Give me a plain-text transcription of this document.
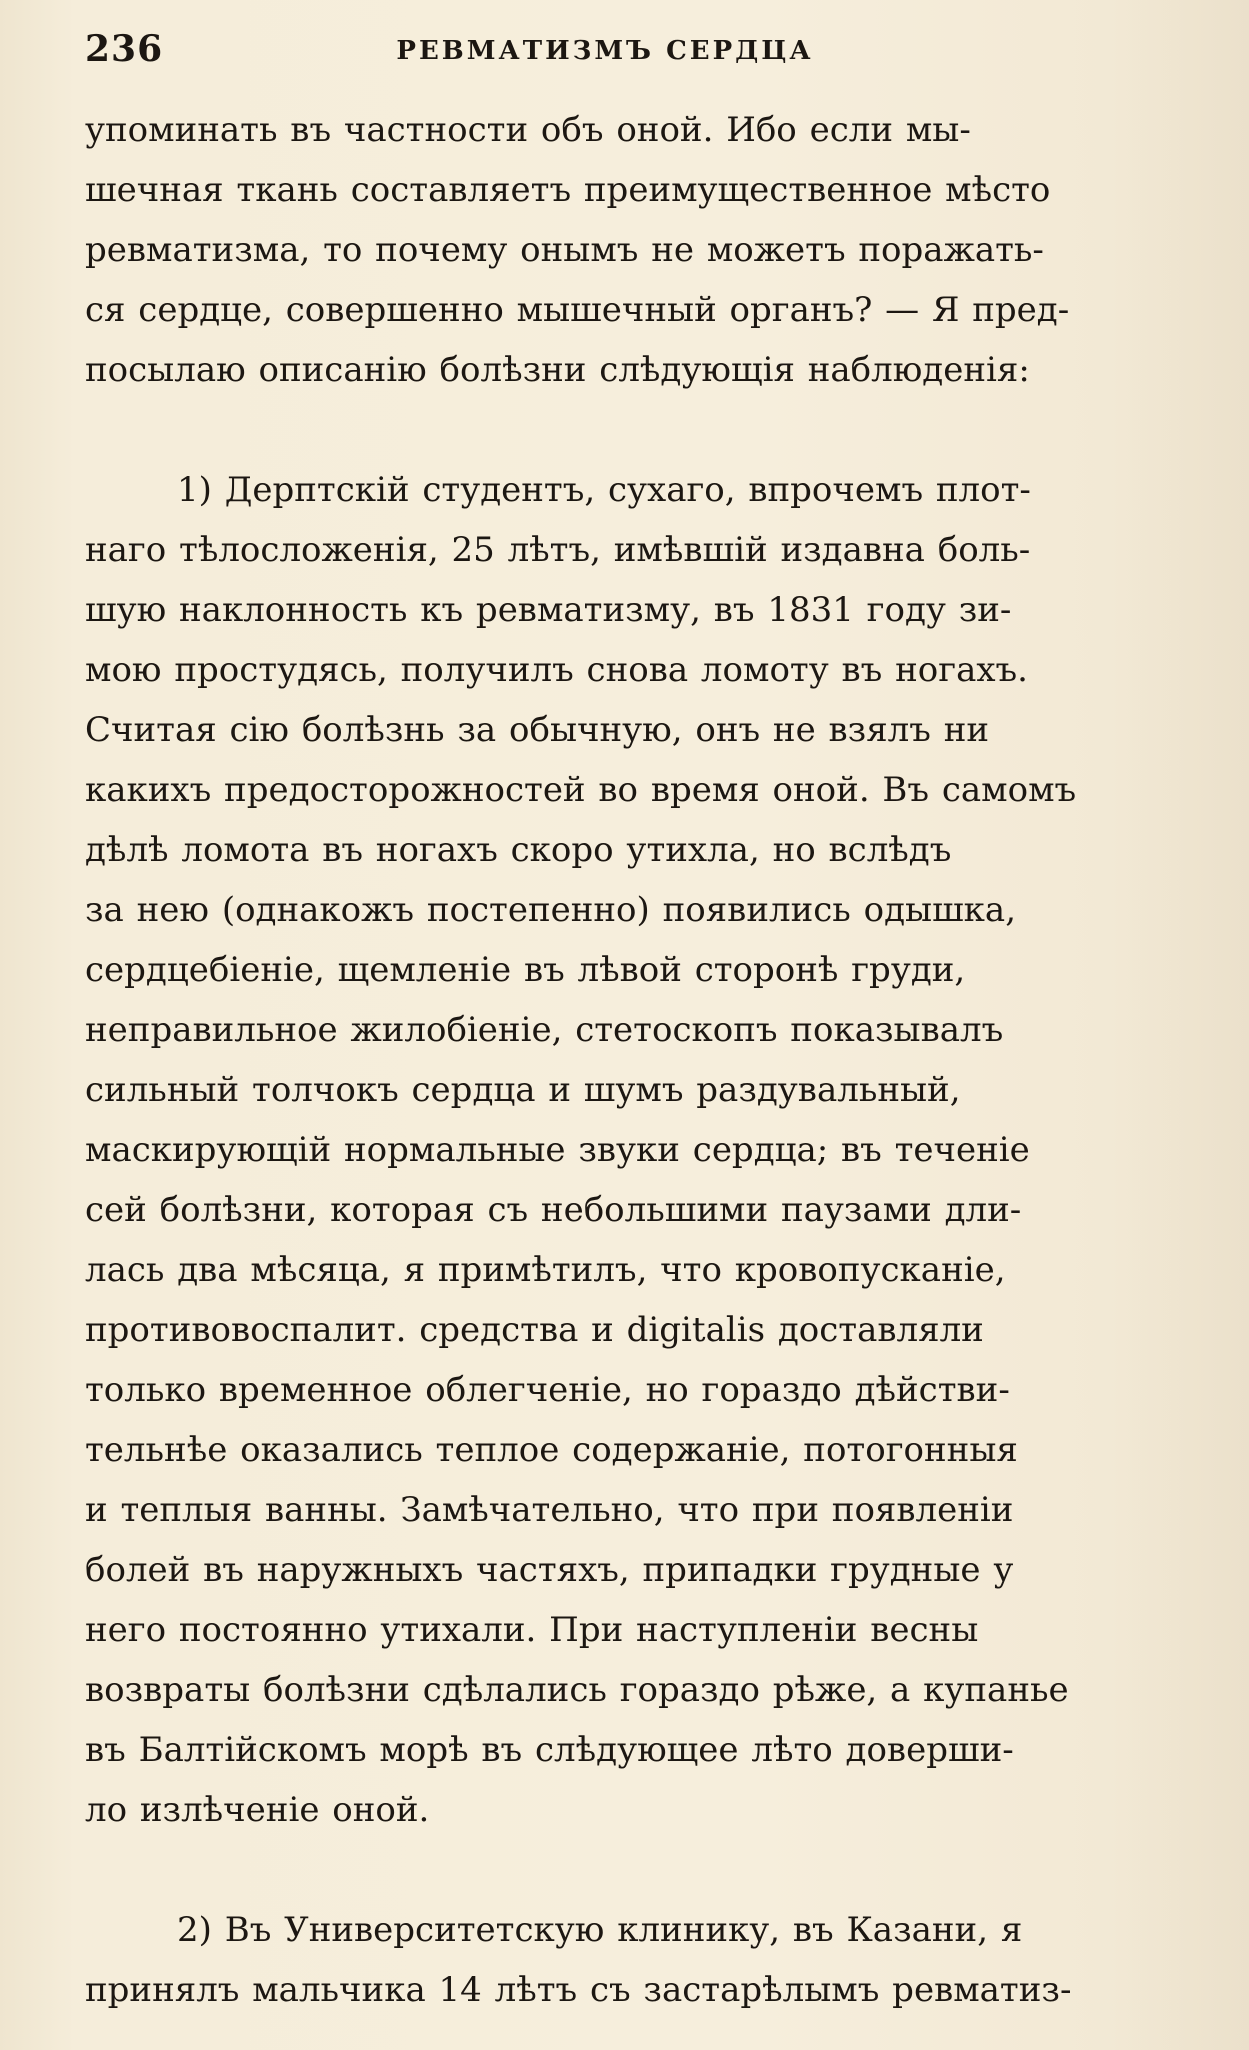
236	РЕВМАТИЗМЪ СЕРДЦА
упоминать въ частности объ оной. Ибо если мы-
шечная ткань составляетъ преимущественное мѣсто
ревматизма, то почему онымъ не можетъ поражать-
ся сердце, совершенно мышечный органъ? — Я пред-
посылаю описанію болѣзни слѣдующія наблюденія:
1) Дерптскій студентъ, сухаго, впрочемъ плот-
наго тѣлосложенія, 25 лѣтъ, имѣвшій издавна боль-
шую наклонность къ ревматизму, въ 1831 году зи-
мою простудясь, получилъ снова ломоту въ ногахъ.
Считая сію болѣзнь за обычную, онъ не взялъ ни
какихъ предосторожностей во время оной. Въ самомъ
дѣлѣ ломота въ ногахъ скоро утихла, но вслѣдъ
за нею (однакожъ постепенно) появились одышка,
сердцебіеніе, щемленіе въ лѣвой сторонѣ груди,
неправильное жилобіеніе, стетоскопъ показывалъ
сильный толчокъ сердца и шумъ раздувальный,
маскирующій нормальные звуки сердца; въ теченіе
сей болѣзни, которая съ небольшими паузами дли-
лась два мѣсяца, я примѣтилъ, что кровопусканіе,
противовоспалит. средства и digitalis доставляли
только временное облегченіе, но гораздо дѣйстви-
тельнѣе оказались теплое содержаніе, потогонныя
и теплыя ванны. Замѣчательно, что при появленіи
болей въ наружныхъ частяхъ, припадки грудные у
него постоянно утихали. При наступленіи весны
возвраты болѣзни сдѣлались гораздо рѣже, а купанье
въ Балтійскомъ морѣ въ слѣдующее лѣто доверши-
ло излѣченіе оной.
2) Въ Университетскую клинику, въ Казани, я
принялъ мальчика 14 лѣтъ съ застарѣлымъ ревматиз-
